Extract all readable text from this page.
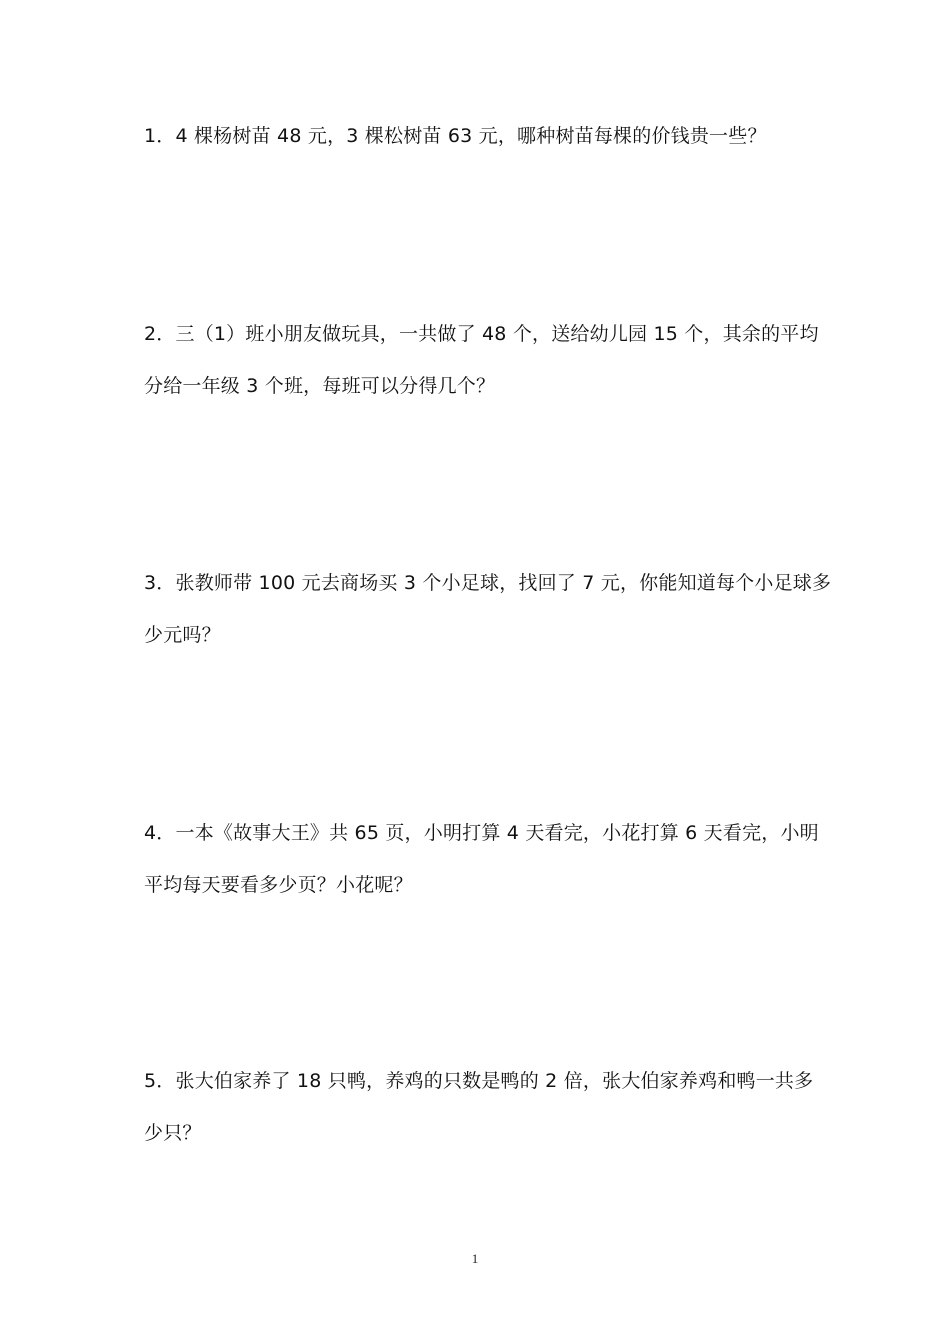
1．4 棵杨树苗 48 元，3 棵松树苗 63 元，哪种树苗每棵的价钱贵一些？

2．三（1）班小朋友做玩具，一共做了 48 个，送给幼儿园 15 个，其余的平均

分给一年级 3 个班，每班可以分得几个？

3．张教师带 100 元去商场买 3 个小足球，找回了 7 元，你能知道每个小足球多

少元吗？

4．一本《故事大王》共 65 页，小明打算 4 天看完，小花打算 6 天看完，小明

平均每天要看多少页？小花呢？

5．张大伯家养了 18 只鸭，养鸡的只数是鸭的 2 倍，张大伯家养鸡和鸭一共多

少只？

1
